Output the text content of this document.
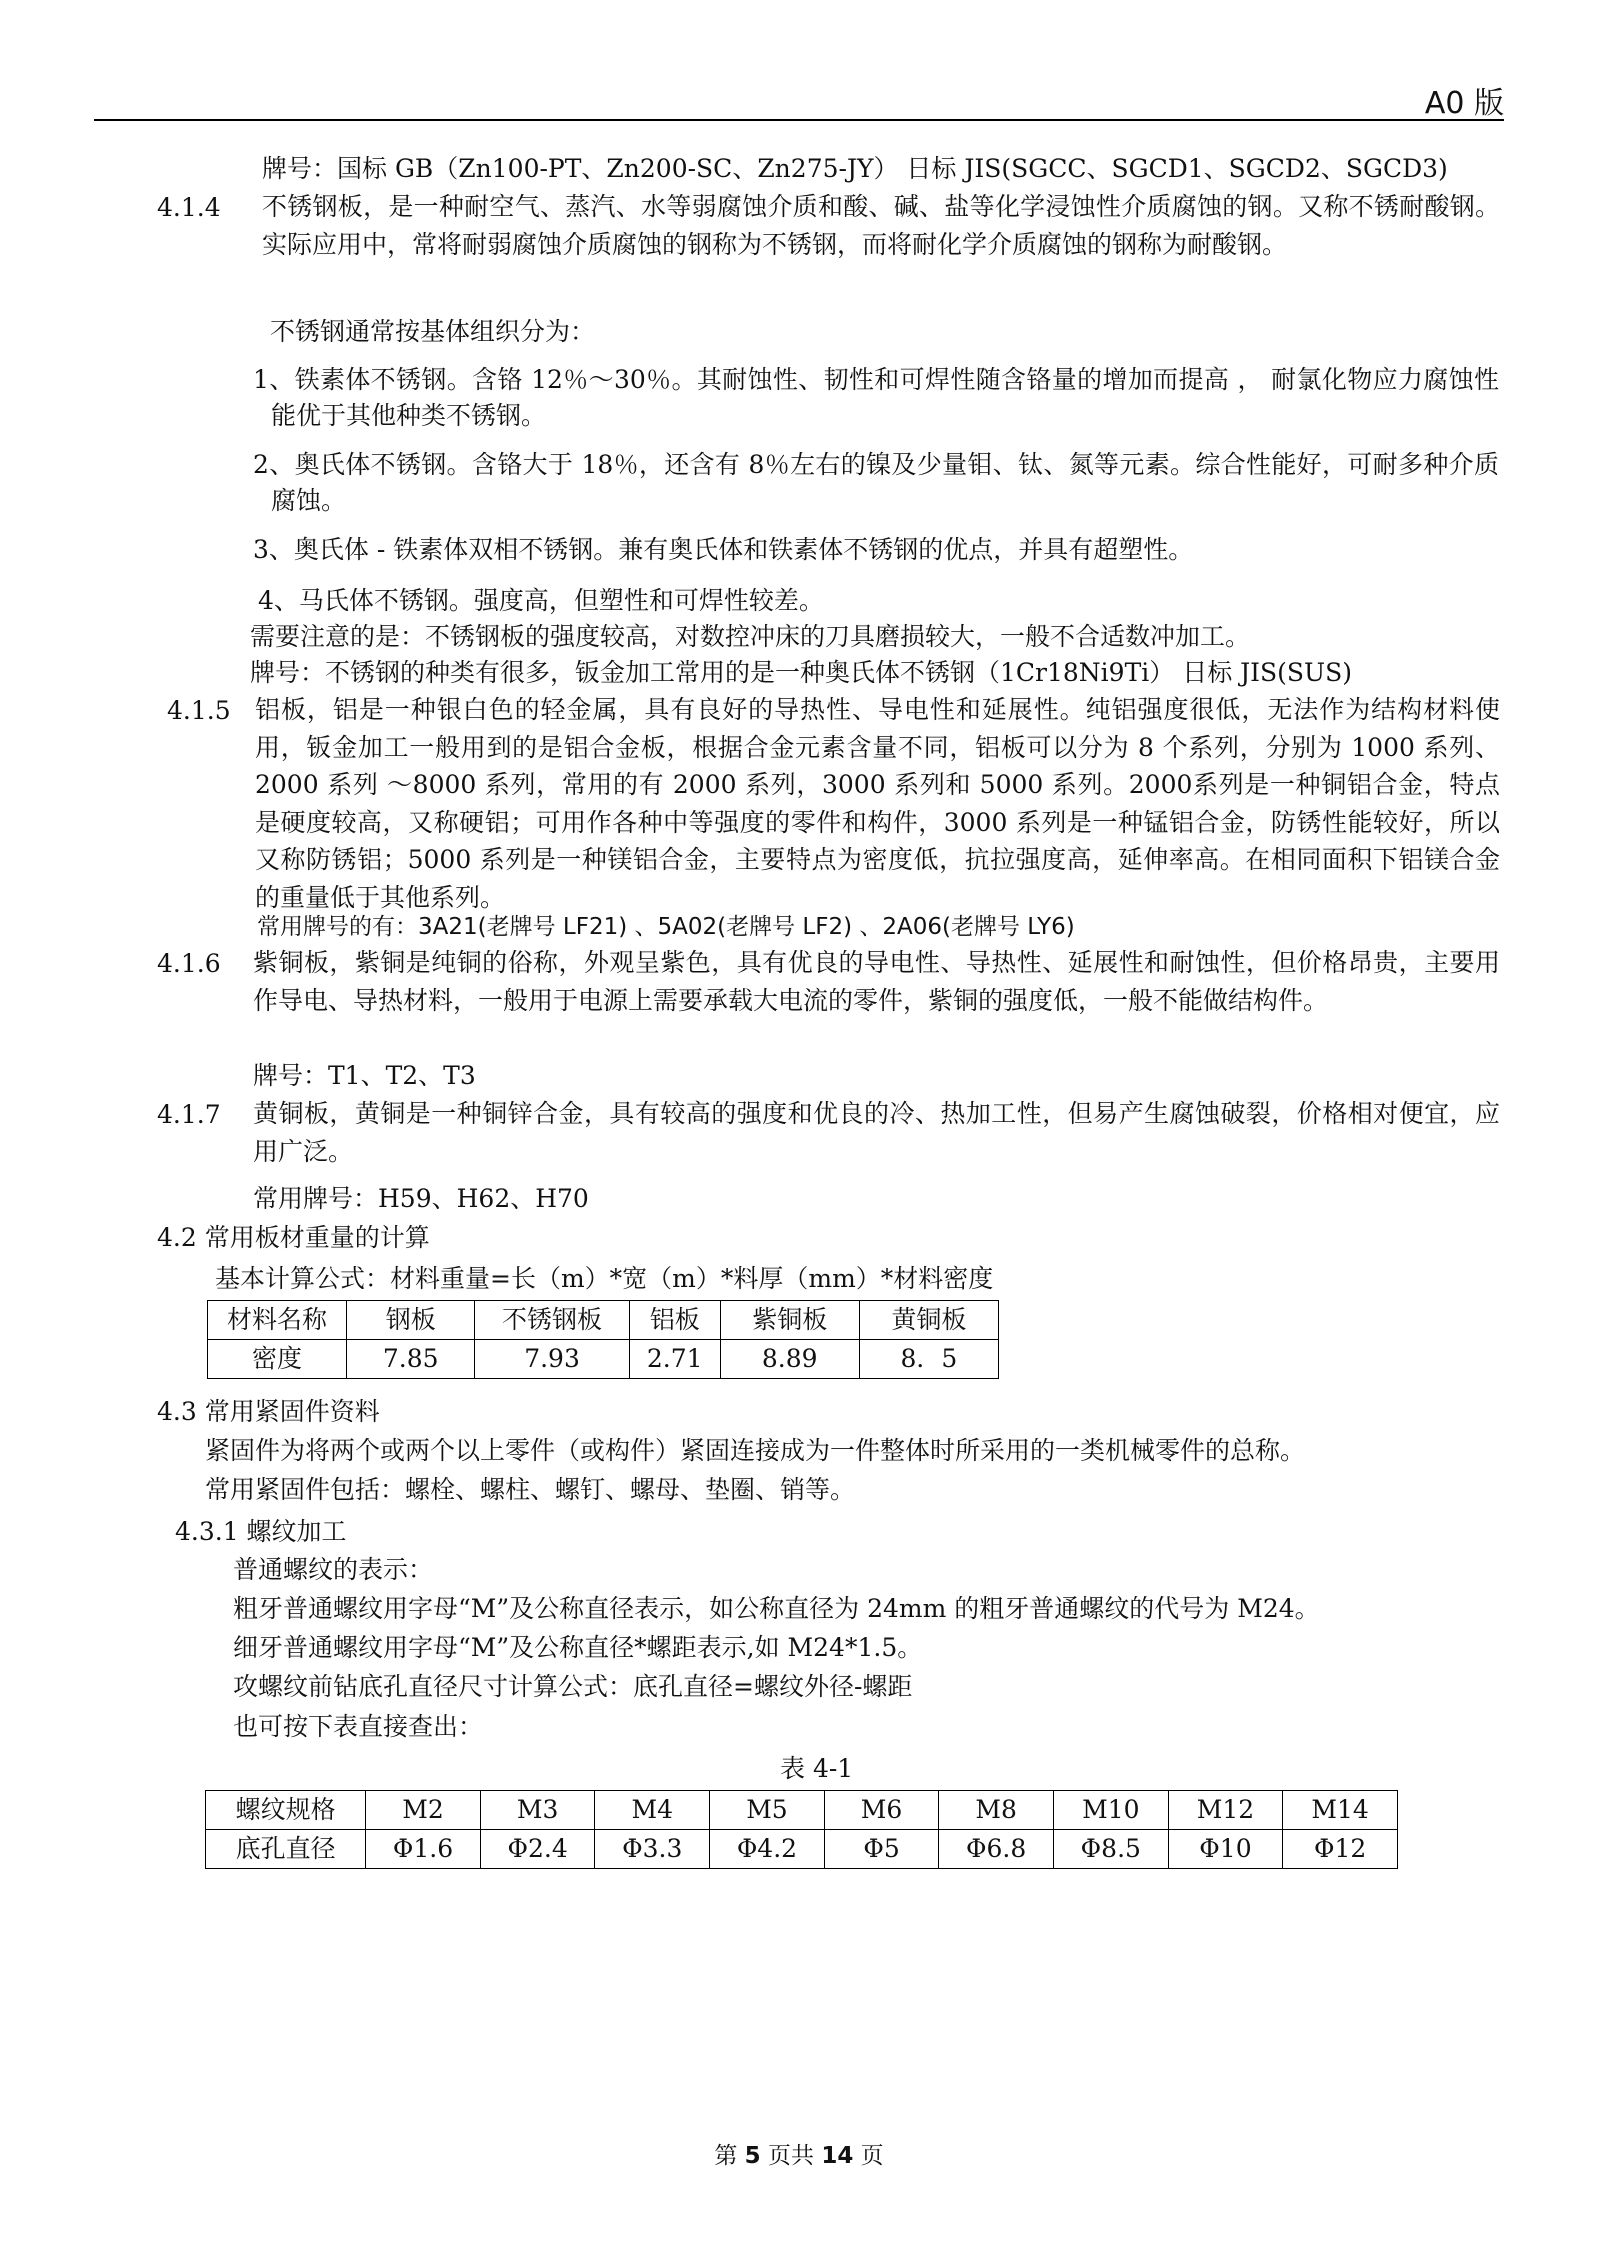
A0 版
牌号：国标 GB（Zn100-PT、Zn200-SC、Zn275-JY） 日标 JIS(SGCC、SGCD1、SGCD2、SGCD3)
4.1.4 不锈钢板，是一种耐空气、蒸汽、水等弱腐蚀介质和酸、碱、盐等化学浸蚀性介质腐蚀的钢。又称不锈耐酸钢。实际应用中，常将耐弱腐蚀介质腐蚀的钢称为不锈钢，而将耐化学介质腐蚀的钢称为耐酸钢。
不锈钢通常按基体组织分为：
1、铁素体不锈钢。含铬 12％～30％。其耐蚀性、韧性和可焊性随含铬量的增加而提高 ， 耐氯化物应力腐蚀性能优于其他种类不锈钢。
2、奥氏体不锈钢。含铬大于 18％，还含有 8％左右的镍及少量钼、钛、氮等元素。综合性能好，可耐多种介质腐蚀。
3、奥氏体 - 铁素体双相不锈钢。兼有奥氏体和铁素体不锈钢的优点，并具有超塑性。
4、马氏体不锈钢。强度高，但塑性和可焊性较差。
需要注意的是：不锈钢板的强度较高，对数控冲床的刀具磨损较大，一般不合适数冲加工。
牌号：不锈钢的种类有很多，钣金加工常用的是一种奥氏体不锈钢（1Cr18Ni9Ti） 日标 JIS(SUS)
4.1.5 铝板，铝是一种银白色的轻金属，具有良好的导热性、导电性和延展性。纯铝强度很低，无法作为结构材料使用，钣金加工一般用到的是铝合金板，根据合金元素含量不同，铝板可以分为 8 个系列，分别为 1000 系列、2000 系列 ～8000 系列，常用的有 2000 系列，3000 系列和 5000 系列。2000系列是一种铜铝合金，特点是硬度较高，又称硬铝；可用作各种中等强度的零件和构件，3000 系列是一种锰铝合金，防锈性能较好，所以又称防锈铝；5000 系列是一种镁铝合金，主要特点为密度低，抗拉强度高，延伸率高。在相同面积下铝镁合金的重量低于其他系列。
常用牌号的有：3A21(老牌号 LF21) 、5A02(老牌号 LF2) 、2A06(老牌号 LY6)
4.1.6 紫铜板，紫铜是纯铜的俗称，外观呈紫色，具有优良的导电性、导热性、延展性和耐蚀性，但价格昂贵，主要用作导电、导热材料，一般用于电源上需要承载大电流的零件，紫铜的强度低，一般不能做结构件。
牌号：T1、T2、T3
4.1.7 黄铜板，黄铜是一种铜锌合金，具有较高的强度和优良的冷、热加工性，但易产生腐蚀破裂，价格相对便宜，应用广泛。
常用牌号：H59、H62、H70
4.2 常用板材重量的计算
基本计算公式：材料重量=长（m）*宽（m）*料厚（mm）*材料密度
材料名称	钢板	不锈钢板	铝板	紫铜板	黄铜板
密度	7.85	7.93	2.71	8.89	8．5
4.3 常用紧固件资料
紧固件为将两个或两个以上零件（或构件）紧固连接成为一件整体时所采用的一类机械零件的总称。
常用紧固件包括：螺栓、螺柱、螺钉、螺母、垫圈、销等。
4.3.1 螺纹加工
普通螺纹的表示：
粗牙普通螺纹用字母“M”及公称直径表示，如公称直径为 24mm 的粗牙普通螺纹的代号为 M24。
细牙普通螺纹用字母“M”及公称直径*螺距表示,如 M24*1.5。
攻螺纹前钻底孔直径尺寸计算公式：底孔直径=螺纹外径-螺距
也可按下表直接查出：
表 4-1
螺纹规格	M2	M3	M4	M5	M6	M8	M10	M12	M14
底孔直径	Φ1.6	Φ2.4	Φ3.3	Φ4.2	Φ5	Φ6.8	Φ8.5	Φ10	Φ12
第 5 页共 14 页
